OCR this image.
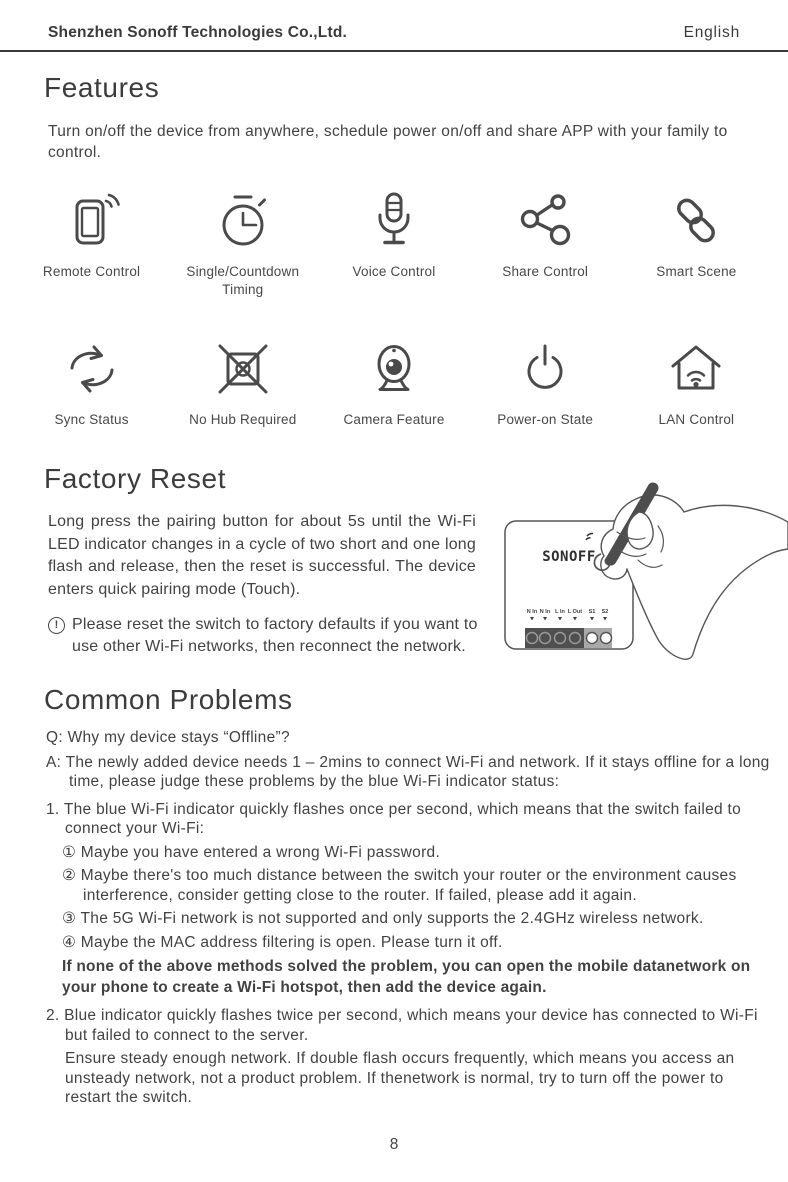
Shenzhen Sonoff Technologies Co.,Ltd.	English
Features

Turn on/off the device from anywhere, schedule power on/off and share APP with your family to control.

Remote Control	Single/Countdown Timing
Voice Control	Share Control	Smart Scene
Sync Status	No Hub Required	Camera Feature	Power-on State	LAN Control
Factory Reset

Long press the pairing button for about 5s until the Wi-Fi LED indicator changes in a cycle of two short and one long flash and release, then the reset is successful. The device enters quick pairing mode (Touch).

! Please reset the switch to factory defaults if you want to use other Wi-Fi networks, then reconnect the network.
SONOFF
N In N In L In L Out S1 S2
Common Problems

Q: Why my device stays “Offline”?

A: The newly added device needs 1 – 2mins to connect Wi-Fi and network. If it stays offline for a long time, please judge these problems by the blue Wi-Fi indicator status:

1. The blue Wi-Fi indicator quickly flashes once per second, which means that the switch failed to connect your Wi-Fi:

① Maybe you have entered a wrong Wi-Fi password.

② Maybe there's too much distance between the switch your router or the environment causes interference, consider getting close to the router. If failed, please add it again.

③ The 5G Wi-Fi network is not supported and only supports the 2.4GHz wireless network.

④ Maybe the MAC address filtering is open. Please turn it off.

If none of the above methods solved the problem, you can open the mobile datanetwork on your phone to create a Wi-Fi hotspot, then add the device again.

2. Blue indicator quickly flashes twice per second, which means your device has connected to Wi-Fi but failed to connect to the server.

Ensure steady enough network. If double flash occurs frequently, which means you access an unsteady network, not a product problem. If thenetwork is normal, try to turn off the power to restart the switch.

8
